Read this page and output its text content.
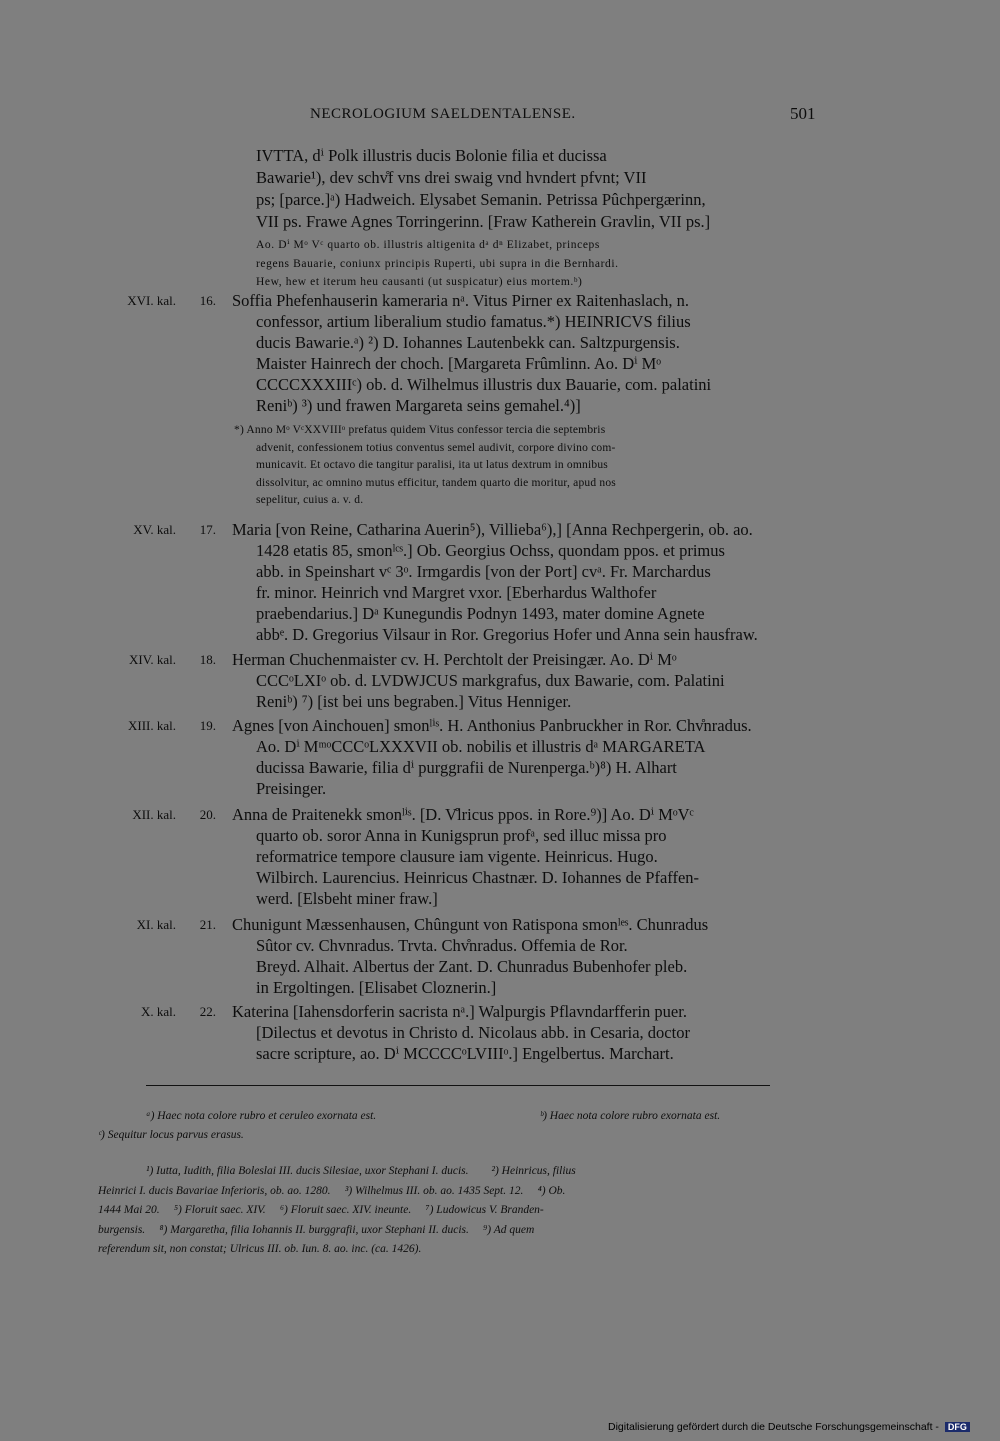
NECROLOGIUM SAELDENTALENSE.	501
IVTTA, dⁱ Polk illustris ducis Bolonie filia et ducissa
Bawarie¹), dev schv̊f vns drei swaig vnd hvndert pfvnt; VII
ps; [parce.]ᵃ) Hadweich. Elysabet Semanin. Petrissa Pûchpergærinn,
VII ps. Frawe Agnes Torringerinn. [Fraw Katherein Gravlin, VII ps.]
Ao. Dⁱ Mᵒ Vᶜ quarto ob. illustris altigenita dᵃ dⁿ Elizabet, princeps
regens Bauarie, coniunx principis Ruperti, ubi supra in die Bernhardi.
Hew, hew et iterum heu causanti (ut suspicatur) eius mortem.ᵇ)
XVI. kal.	16. Soffia Phefenhauserin kameraria nᵃ. Vitus Pirner ex Raitenhaslach, n.
confessor, artium liberalium studio famatus.*) HEINRICVS filius
ducis Bawarie.ᵃ) ²) D. Iohannes Lautenbekk can. Saltzpurgensis.
Maister Hainrech der choch. [Margareta Frûmlinn. Ao. Dⁱ Mᵒ
CCCCXXXIIIᶜ) ob. d. Wilhelmus illustris dux Bauarie, com. palatini
Reniᵇ) ³) und frawen Margareta seins gemahel.⁴)]
*) Anno Mᵒ VᶜXXVIIIᵒ prefatus quidem Vitus confessor tercia die septembris
advenit, confessionem totius conventus semel audivit, corpore divino com-
municavit. Et octavo die tangitur paralisi, ita ut latus dextrum in omnibus
dissolvitur, ac omnino mutus efficitur, tandem quarto die moritur, apud nos
sepelitur, cuius a. v. d.
XV. kal.	17. Maria [von Reine, Catharina Auerin⁵), Villieba⁶),] [Anna Rechpergerin, ob. ao.
1428 etatis 85, smonˡᶜˢ.] Ob. Georgius Ochss, quondam ppos. et primus
abb. in Speinshart vᶜ 3ᵒ. Irmgardis [von der Port] cvᵃ. Fr. Marchardus
fr. minor. Heinrich vnd Margret vxor. [Eberhardus Walthofer
praebendarius.] Dᵃ Kunegundis Podnyn 1493, mater domine Agnete
abbᵉ. D. Gregorius Vilsaur in Ror. Gregorius Hofer und Anna sein hausfraw.
XIV. kal.	18. Herman Chuchenmaister cv. H. Perchtolt der Preisingær. Ao. Dⁱ Mᵒ
CCCᵒLXIᵒ ob. d. LVDWJCUS markgrafus, dux Bawarie, com. Palatini
Reniᵇ) ⁷) [ist bei uns begraben.] Vitus Henniger.
XIII. kal.	19. Agnes [von Ainchouen] smonˡⁱˢ. H. Anthonius Panbruckher in Ror. Chv̊nradus.
Ao. Dⁱ MᵐᵒCCCᵒLXXXVII ob. nobilis et illustris dᵃ MARGARETA
ducissa Bawarie, filia dⁱ purggrafii de Nurenperga.ᵇ)⁸) H. Alhart
Preisinger.
XII. kal.	20. Anna de Praitenekk smonˡⁱˢ. [D. V̊lricus ppos. in Rore.⁹)] Ao. Dⁱ MᵒVᶜ
quarto ob. soror Anna in Kunigsprun profᵃ, sed illuc missa pro
reformatrice tempore clausure iam vigente. Heinricus. Hugo.
Wilbirch. Laurencius. Heinricus Chastnær. D. Iohannes de Pfaffen-
werd. [Elsbeht miner fraw.]
XI. kal.	21. Chunigunt Mæssenhausen, Chûngunt von Ratispona smonˡᵉˢ. Chunradus
Sûtor cv. Chvnradus. Trvta. Chv̊nradus. Offemia de Ror.
Breyd. Alhait. Albertus der Zant. D. Chunradus Bubenhofer pleb.
in Ergoltingen. [Elisabet Cloznerin.]
X. kal.	22. Katerina [Iahensdorferin sacrista nᵃ.] Walpurgis Pflavndarfferin puer.
[Dilectus et devotus in Christo d. Nicolaus abb. in Cesaria, doctor
sacre scripture, ao. Dⁱ MCCCCᵒLVIIIᵒ.] Engelbertus. Marchart.
ᵃ) Haec nota colore rubro et ceruleo exornata est.	ᵇ) Haec nota colore rubro exornata est.
ᶜ) Sequitur locus parvus erasus.
¹) Iutta, Iudith, filia Boleslai III. ducis Silesiae, uxor Stephani I. ducis.        ²) Heinricus, filius
Heinrici I. ducis Bavariae Inferioris, ob. ao. 1280.     ³) Wilhelmus III. ob. ao. 1435 Sept. 12.     ⁴) Ob.
1444 Mai 20.     ⁵) Floruit saec. XIV.     ⁶) Floruit saec. XIV. ineunte.     ⁷) Ludowicus V. Branden-
burgensis.     ⁸) Margaretha, filia Iohannis II. burggrafii, uxor Stephani II. ducis.     ⁹) Ad quem
referendum sit, non constat; Ulricus III. ob. Iun. 8. ao. inc. (ca. 1426).
Digitalisierung gefördert durch die Deutsche Forschungsgemeinschaft - DFG
